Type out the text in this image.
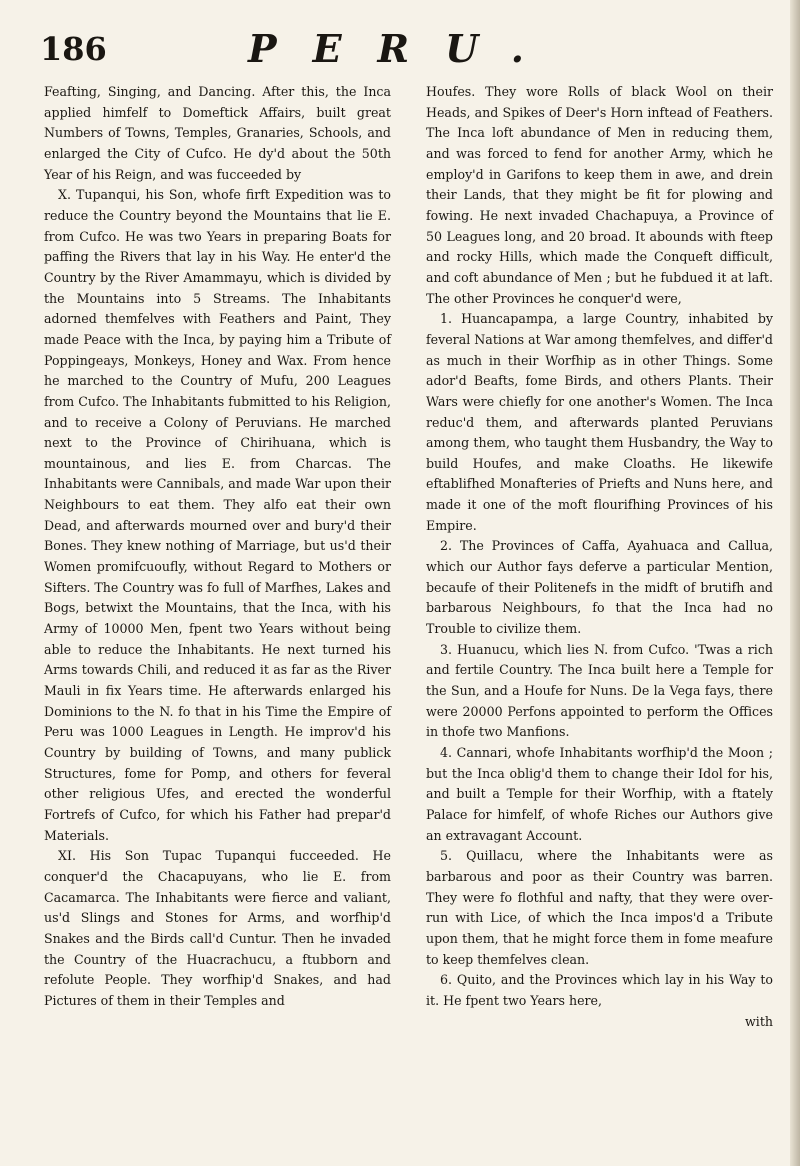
186	PERU.

Feafting, Singing, and Dancing. After this, the Inca applied himfelf to Domeftick Affairs, built great Numbers of Towns, Temples, Granaries, Schools, and enlarged the City of Cufco. He dy'd about the 50th Year of his Reign, and was fucceeded by

X. Tupanqui, his Son, whofe firft Expedition was to reduce the Country beyond the Mountains that lie E. from Cufco. He was two Years in preparing Boats for paffing the Rivers that lay in his Way. He enter'd the Country by the River Amammayu, which is divided by the Mountains into 5 Streams. The Inhabitants adorned themfelves with Feathers and Paint, They made Peace with the Inca, by paying him a Tribute of Poppingeays, Monkeys, Honey and Wax. From hence he marched to the Country of Mufu, 200 Leagues from Cufco. The Inhabitants fubmitted to his Religion, and to receive a Colony of Peruvians. He marched next to the Province of Chirihuana, which is mountainous, and lies E. from Charcas. The Inhabitants were Cannibals, and made War upon their Neighbours to eat them. They alfo eat their own Dead, and afterwards mourned over and bury'd their Bones. They knew nothing of Marriage, but us'd their Women promifcuoufly, without Regard to Mothers or Sifters. The Country was fo full of Marfhes, Lakes and Bogs, betwixt the Mountains, that the Inca, with his Army of 10000 Men, fpent two Years without being able to reduce the Inhabitants. He next turned his Arms towards Chili, and reduced it as far as the River Mauli in fix Years time. He afterwards enlarged his Dominions to the N. fo that in his Time the Empire of Peru was 1000 Leagues in Length. He improv'd his Country by building of Towns, and many publick Structures, fome for Pomp, and others for feveral other religious Ufes, and erected the wonderful Fortrefs of Cufco, for which his Father had prepar'd Materials.

XI. His Son Tupac Tupanqui fucceeded. He conquer'd the Chacapuyans, who lie E. from Cacamarca. The Inhabitants were fierce and valiant, us'd Slings and Stones for Arms, and worfhip'd Snakes and the Birds call'd Cuntur. Then he invaded the Country of the Huacrachucu, a ftubborn and refolute People. They worfhip'd Snakes, and had Pictures of them in their Temples and

Houfes. They wore Rolls of black Wool on their Heads, and Spikes of Deer's Horn inftead of Feathers. The Inca loft abundance of Men in reducing them, and was forced to fend for another Army, which he employ'd in Garifons to keep them in awe, and drein their Lands, that they might be fit for plowing and fowing. He next invaded Chachapuya, a Province of 50 Leagues long, and 20 broad. It abounds with fteep and rocky Hills, which made the Conqueft difficult, and coft abundance of Men ; but he fubdued it at laft. The other Provinces he conquer'd were,

1. Huancapampa, a large Country, inhabited by feveral Nations at War among themfelves, and differ'd as much in their Worfhip as in other Things. Some ador'd Beafts, fome Birds, and others Plants. Their Wars were chiefly for one another's Women. The Inca reduc'd them, and afterwards planted Peruvians among them, who taught them Husbandry, the Way to build Houfes, and make Cloaths. He likewife eftablifhed Monafteries of Priefts and Nuns here, and made it one of the moft flourifhing Provinces of his Empire.

2. The Provinces of Caffa, Ayahuaca and Callua, which our Author fays deferve a particular Mention, becaufe of their Politenefs in the midft of brutifh and barbarous Neighbours, fo that the Inca had no Trouble to civilize them.

3. Huanucu, which lies N. from Cufco. 'Twas a rich and fertile Country. The Inca built here a Temple for the Sun, and a Houfe for Nuns. De la Vega fays, there were 20000 Perfons appointed to perform the Offices in thofe two Manfions.

4. Cannari, whofe Inhabitants worfhip'd the Moon ; but the Inca oblig'd them to change their Idol for his, and built a Temple for their Worfhip, with a ftately Palace for himfelf, of whofe Riches our Authors give an extravagant Account.

5. Quillacu, where the Inhabitants were as barbarous and poor as their Country was barren. They were fo flothful and nafty, that they were over-run with Lice, of which the Inca impos'd a Tribute upon them, that he might force them in fome meafure to keep themfelves clean.

6. Quito, and the Provinces which lay in his Way to it. He fpent two Years here,

with
